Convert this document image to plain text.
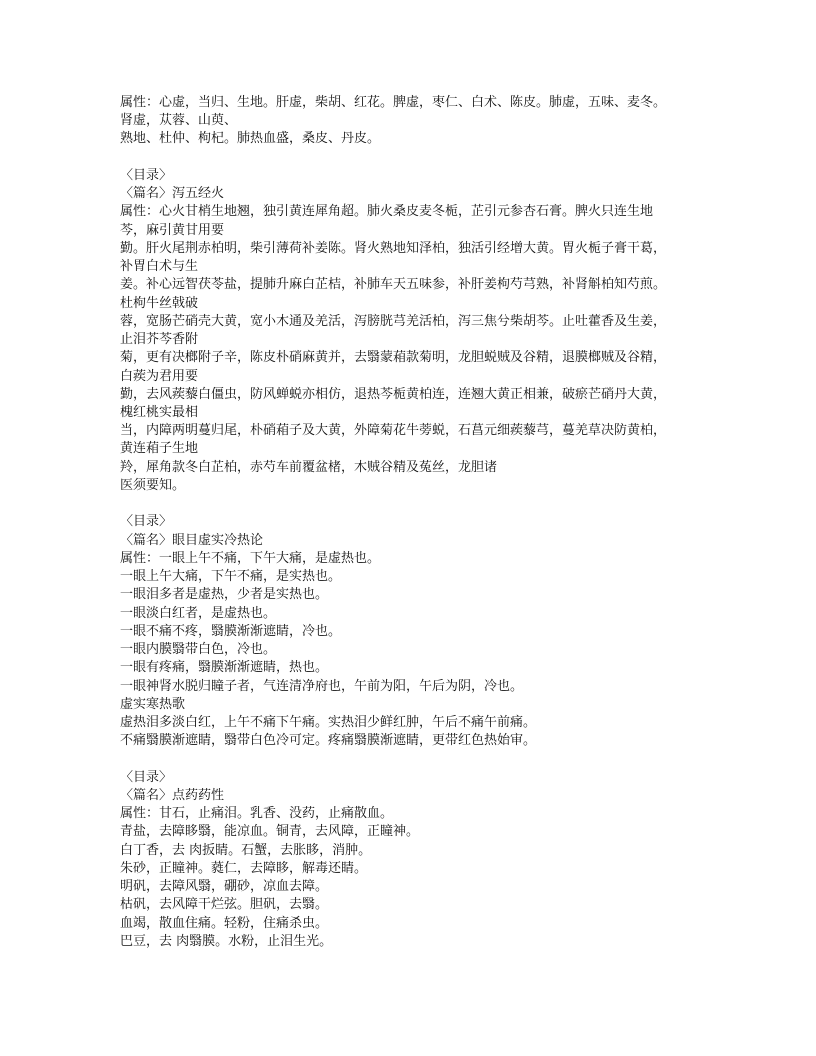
属性：心虚，当归、生地。肝虚，柴胡、红花。脾虚，枣仁、白术、陈皮。肺虚，五味、麦冬。
肾虚，苁蓉、山萸、
熟地、杜仲、枸杞。肺热血盛，桑皮、丹皮。
〈目录〉
〈篇名〉泻五经火
属性：心火甘梢生地翘，独引黄连犀角超。肺火桑皮麦冬栀，芷引元参杏石膏。脾火只连生地
芩，麻引黄甘用要
勤。肝火尾荆赤柏明，柴引薄荷补姜陈。肾火熟地知泽柏，独活引经增大黄。胃火栀子膏干葛，
补胃白术与生
姜。补心远智茯苓盐，提肺升麻白芷桔，补肺车天五味参，补肝姜枸芍芎熟，补肾斛柏知芍煎。
杜枸牛丝戟破
蓉，宽肠芒硝壳大黄，宽小木通及羌活，泻膀胱芎羌活柏，泻三焦兮柴胡芩。止吐藿香及生姜，
止泪芥芩香附
菊，更有决榔附子辛，陈皮朴硝麻黄并，去翳蒙葙款菊明，龙胆蜕贼及谷精，退膜榔贼及谷精，
白蒺为君用要
勤，去风蒺藜白僵虫，防风蝉蜕亦相仿，退热芩栀黄柏连，连翘大黄正相兼，破瘀芒硝丹大黄，
槐红桃实最相
当，内障两明蔓归尾，朴硝葙子及大黄，外障菊花牛蒡蜕，石菖元细蒺藜芎，蔓羌草决防黄柏，
黄连葙子生地
羚，犀角款冬白芷柏，赤芍车前覆盆楮，木贼谷精及菟丝，龙胆诸
医须要知。
〈目录〉
〈篇名〉眼目虚实冷热论
属性：一眼上午不痛，下午大痛，是虚热也。
一眼上午大痛，下午不痛，是实热也。
一眼泪多者是虚热，少者是实热也。
一眼淡白红者，是虚热也。
一眼不痛不疼，翳膜渐渐遮睛，冷也。
一眼内膜翳带白色，冷也。
一眼有疼痛，翳膜渐渐遮睛，热也。
一眼神肾水脱归瞳子者，气连清净府也，午前为阳，午后为阴，冷也。
虚实寒热歌
虚热泪多淡白红，上午不痛下午痛。实热泪少鲜红肿，午后不痛午前痛。
不痛翳膜渐遮睛，翳带白色冷可定。疼痛翳膜渐遮睛，更带红色热始审。
〈目录〉
〈篇名〉点药药性
属性：甘石，止痛泪。乳香、没药，止痛散血。
青盐，去障眵翳，能凉血。铜青，去风障，正瞳神。
白丁香，去 肉扳睛。石蟹，去胀眵，消肿。
朱砂，正瞳神。蕤仁，去障眵，解毒还睛。
明矾，去障风翳，硼砂，凉血去障。
枯矾，去风障干烂弦。胆矾，去翳。
血竭，散血住痛。轻粉，住痛杀虫。
巴豆，去 肉翳膜。水粉，止泪生光。
